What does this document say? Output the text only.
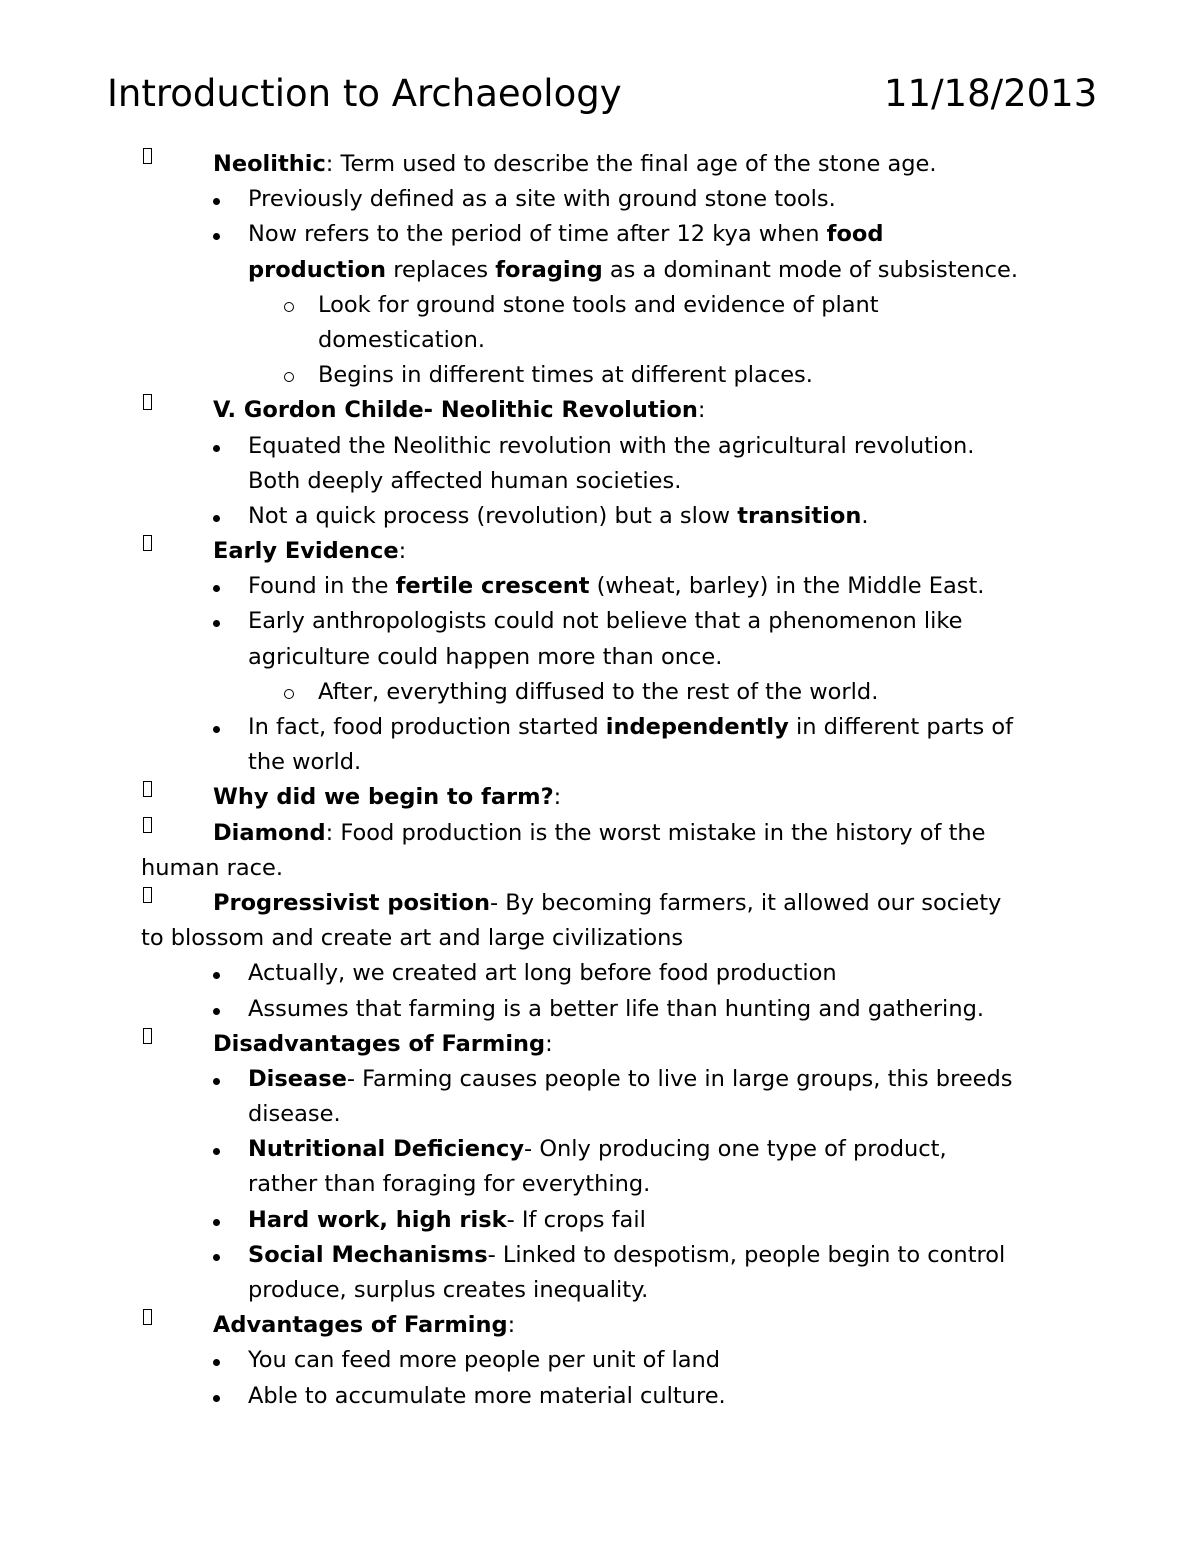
Introduction to Archaeology	11/18/2013
Neolithic: Term used to describe the final age of the stone age.
Previously defined as a site with ground stone tools.
Now refers to the period of time after 12 kya when food
production replaces foraging as a dominant mode of subsistence.
Look for ground stone tools and evidence of plant
domestication.
Begins in different times at different places.
V. Gordon Childe- Neolithic Revolution:
Equated the Neolithic revolution with the agricultural revolution.
Both deeply affected human societies.
Not a quick process (revolution) but a slow transition.
Early Evidence:
Found in the fertile crescent (wheat, barley) in the Middle East.
Early anthropologists could not believe that a phenomenon like
agriculture could happen more than once.
After, everything diffused to the rest of the world.
In fact, food production started independently in different parts of
the world.
Why did we begin to farm?:
Diamond: Food production is the worst mistake in the history of the
human race.
Progressivist position- By becoming farmers, it allowed our society
to blossom and create art and large civilizations
Actually, we created art long before food production
Assumes that farming is a better life than hunting and gathering.
Disadvantages of Farming:
Disease- Farming causes people to live in large groups, this breeds
disease.
Nutritional Deficiency- Only producing one type of product,
rather than foraging for everything.
Hard work, high risk- If crops fail
Social Mechanisms- Linked to despotism, people begin to control
produce, surplus creates inequality.
Advantages of Farming:
You can feed more people per unit of land
Able to accumulate more material culture.
